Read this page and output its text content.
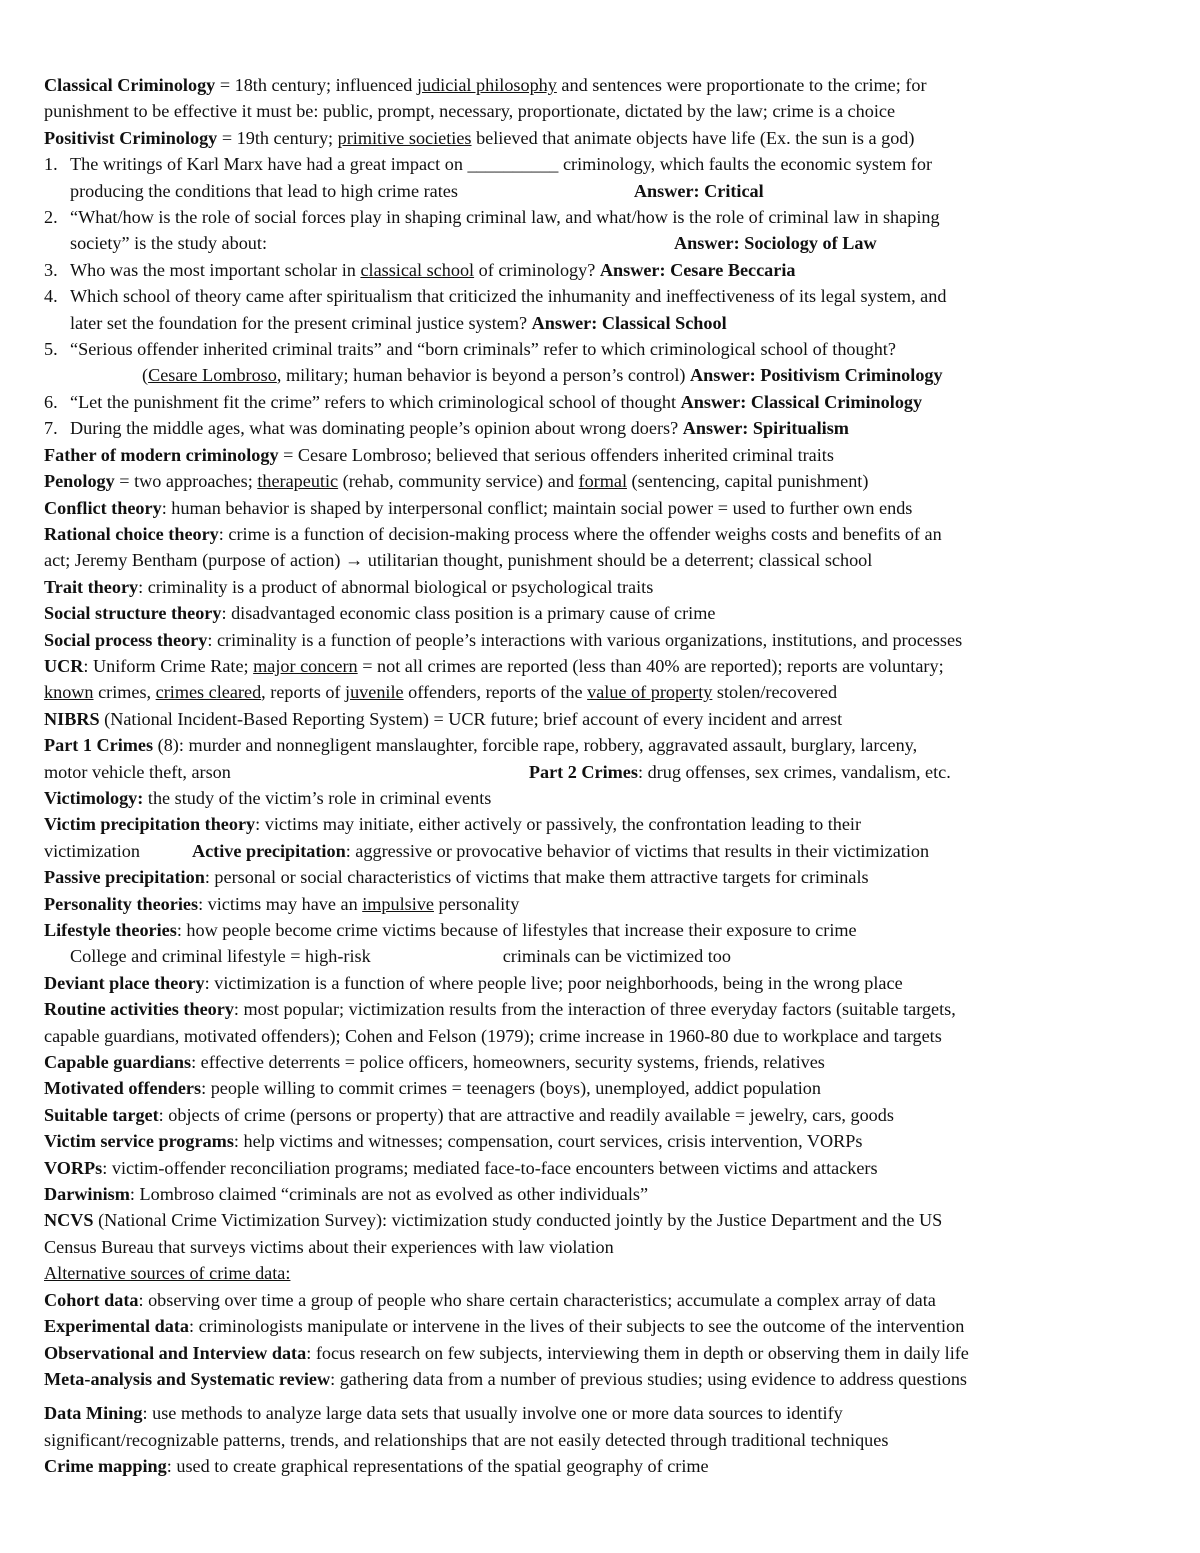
Classical Criminology = 18th century; influenced judicial philosophy and sentences were proportionate to the crime; for
punishment to be effective it must be: public, prompt, necessary, proportionate, dictated by the law; crime is a choice
Positivist Criminology = 19th century; primitive societies believed that animate objects have life (Ex. the sun is a god)
1. The writings of Karl Marx have had a great impact on __________ criminology, which faults the economic system for
producing the conditions that lead to high crime rates	Answer: Critical
2. “What/how is the role of social forces play in shaping criminal law, and what/how is the role of criminal law in shaping
society” is the study about:	Answer: Sociology of Law
3. Who was the most important scholar in classical school of criminology? Answer: Cesare Beccaria
4. Which school of theory came after spiritualism that criticized the inhumanity and ineffectiveness of its legal system, and
later set the foundation for the present criminal justice system? Answer: Classical School
5. “Serious offender inherited criminal traits” and “born criminals” refer to which criminological school of thought?
(Cesare Lombroso, military; human behavior is beyond a person’s control) Answer: Positivism Criminology
6. “Let the punishment fit the crime” refers to which criminological school of thought Answer: Classical Criminology
7. During the middle ages, what was dominating people’s opinion about wrong doers? Answer: Spiritualism
Father of modern criminology = Cesare Lombroso; believed that serious offenders inherited criminal traits
Penology = two approaches; therapeutic (rehab, community service) and formal (sentencing, capital punishment)
Conflict theory: human behavior is shaped by interpersonal conflict; maintain social power = used to further own ends
Rational choice theory: crime is a function of decision-making process where the offender weighs costs and benefits of an
act; Jeremy Bentham (purpose of action) → utilitarian thought, punishment should be a deterrent; classical school
Trait theory: criminality is a product of abnormal biological or psychological traits
Social structure theory: disadvantaged economic class position is a primary cause of crime
Social process theory: criminality is a function of people’s interactions with various organizations, institutions, and processes
UCR: Uniform Crime Rate; major concern = not all crimes are reported (less than 40% are reported); reports are voluntary;
known crimes, crimes cleared, reports of juvenile offenders, reports of the value of property stolen/recovered
NIBRS (National Incident-Based Reporting System) = UCR future; brief account of every incident and arrest
Part 1 Crimes (8): murder and nonnegligent manslaughter, forcible rape, robbery, aggravated assault, burglary, larceny,
motor vehicle theft, arson	Part 2 Crimes: drug offenses, sex crimes, vandalism, etc.
Victimology: the study of the victim’s role in criminal events
Victim precipitation theory: victims may initiate, either actively or passively, the confrontation leading to their
victimization	Active precipitation: aggressive or provocative behavior of victims that results in their victimization
Passive precipitation: personal or social characteristics of victims that make them attractive targets for criminals
Personality theories: victims may have an impulsive personality
Lifestyle theories: how people become crime victims because of lifestyles that increase their exposure to crime
College and criminal lifestyle = high-risk	criminals can be victimized too
Deviant place theory: victimization is a function of where people live; poor neighborhoods, being in the wrong place
Routine activities theory: most popular; victimization results from the interaction of three everyday factors (suitable targets,
capable guardians, motivated offenders); Cohen and Felson (1979); crime increase in 1960-80 due to workplace and targets
Capable guardians: effective deterrents = police officers, homeowners, security systems, friends, relatives
Motivated offenders: people willing to commit crimes = teenagers (boys), unemployed, addict population
Suitable target: objects of crime (persons or property) that are attractive and readily available = jewelry, cars, goods
Victim service programs: help victims and witnesses; compensation, court services, crisis intervention, VORPs
VORPs: victim-offender reconciliation programs; mediated face-to-face encounters between victims and attackers
Darwinism: Lombroso claimed “criminals are not as evolved as other individuals”
NCVS (National Crime Victimization Survey): victimization study conducted jointly by the Justice Department and the US
Census Bureau that surveys victims about their experiences with law violation
Alternative sources of crime data:
Cohort data: observing over time a group of people who share certain characteristics; accumulate a complex array of data
Experimental data: criminologists manipulate or intervene in the lives of their subjects to see the outcome of the intervention
Observational and Interview data: focus research on few subjects, interviewing them in depth or observing them in daily life
Meta-analysis and Systematic review: gathering data from a number of previous studies; using evidence to address questions
Data Mining: use methods to analyze large data sets that usually involve one or more data sources to identify
significant/recognizable patterns, trends, and relationships that are not easily detected through traditional techniques
Crime mapping: used to create graphical representations of the spatial geography of crime
